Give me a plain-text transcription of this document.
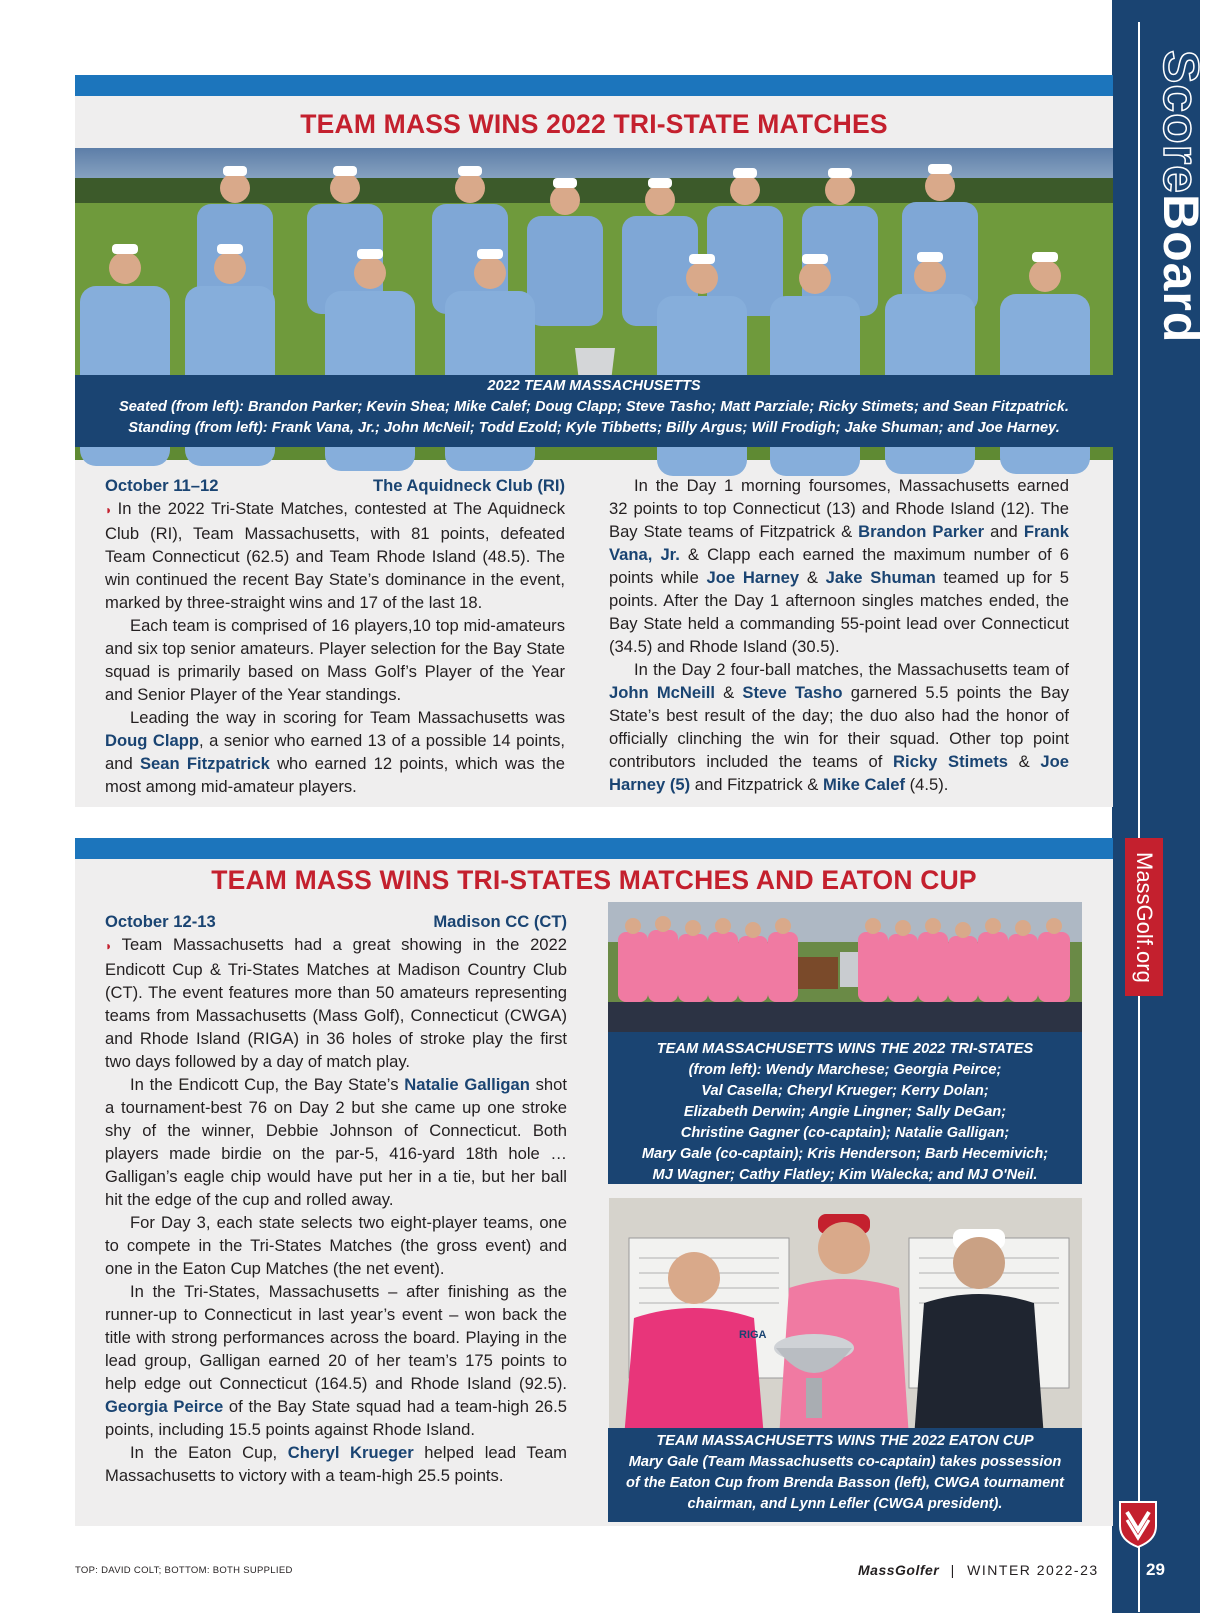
ScoreBoard
MassGolf.org
29
TEAM MASS WINS 2022 TRI-STATE MATCHES
2022 TEAM MASSACHUSETTS
Seated (from left): Brandon Parker; Kevin Shea; Mike Calef; Doug Clapp; Steve Tasho; Matt Parziale; Ricky Stimets; and Sean Fitzpatrick.
Standing (from left): Frank Vana, Jr.; John McNeil; Todd Ezold; Kyle Tibbetts; Billy Argus; Will Frodigh; Jake Shuman; and Joe Harney.
October 11–12	The Aquidneck Club (RI)

◗ In the 2022 Tri-State Matches, contested at The Aquidneck Club (RI), Team Massachusetts, with 81 points, defeated Team Connecticut (62.5) and Team Rhode Island (48.5). The win continued the recent Bay State’s dominance in the event, marked by three-straight wins and 17 of the last 18.

Each team is comprised of 16 players,10 top mid-amateurs and six top senior amateurs. Player selection for the Bay State squad is primarily based on Mass Golf’s Player of the Year and Senior Player of the Year standings.

Leading the way in scoring for Team Massachusetts was Doug Clapp, a senior who earned 13 of a possible 14 points, and Sean Fitzpatrick who earned 12 points, which was the most among mid-amateur players.

In the Day 1 morning foursomes, Massachusetts earned 32 points to top Connecticut (13) and Rhode Island (12). The Bay State teams of Fitzpatrick & Brandon Parker and Frank Vana, Jr. & Clapp each earned the maximum number of 6 points while Joe Harney & Jake Shuman teamed up for 5 points. After the Day 1 afternoon singles matches ended, the Bay State held a commanding 55-point lead over Connecticut (34.5) and Rhode Island (30.5).

In the Day 2 four-ball matches, the Massachusetts team of John McNeill & Steve Tasho garnered 5.5 points the Bay State’s best result of the day; the duo also had the honor of officially clinching the win for their squad. Other top point contributors included the teams of Ricky Stimets & Joe Harney (5) and Fitzpatrick & Mike Calef (4.5).

TEAM MASS WINS TRI-STATES MATCHES AND EATON CUP
October 12-13	Madison CC (CT)

◗ Team Massachusetts had a great showing in the 2022 Endicott Cup & Tri-States Matches at Madison Country Club (CT). The event features more than 50 amateurs representing teams from Massachusetts (Mass Golf), Connecticut (CWGA) and Rhode Island (RIGA) in 36 holes of stroke play the first two days followed by a day of match play.

In the Endicott Cup, the Bay State’s Natalie Galligan shot a tournament-best 76 on Day 2 but she came up one stroke shy of the winner, Debbie Johnson of Connecticut. Both players made birdie on the par-5, 416-yard 18th hole … Galligan’s eagle chip would have put her in a tie, but her ball hit the edge of the cup and rolled away.

For Day 3, each state selects two eight-player teams, one to compete in the Tri-States Matches (the gross event) and one in the Eaton Cup Matches (the net event).

In the Tri-States, Massachusetts – after finishing as the runner-up to Connecticut in last year’s event – won back the title with strong performances across the board. Playing in the lead group, Galligan earned 20 of her team’s 175 points to help edge out Connecticut (164.5) and Rhode Island (92.5). Georgia Peirce of the Bay State squad had a team-high 26.5 points, including 15.5 points against Rhode Island.

In the Eaton Cup, Cheryl Krueger helped lead Team Massachusetts to victory with a team-high 25.5 points.

TEAM MASSACHUSETTS WINS THE 2022 TRI-STATES
(from left): Wendy Marchese; Georgia Peirce;
Val Casella; Cheryl Krueger; Kerry Dolan;
Elizabeth Derwin; Angie Lingner; Sally DeGan;
Christine Gagner (co-captain); Natalie Galligan;
Mary Gale (co-captain); Kris Henderson; Barb Hecemivich;
MJ Wagner; Cathy Flatley; Kim Walecka; and MJ O'Neil.
RIGA
TEAM MASSACHUSETTS WINS THE 2022 EATON CUP
Mary Gale (Team Massachusetts co-captain) takes possession
of the Eaton Cup from Brenda Basson (left), CWGA tournament
chairman, and Lynn Lefler (CWGA president).
TOP: DAVID COLT; BOTTOM: BOTH SUPPLIED	MassGolfer | WINTER 2022-23
